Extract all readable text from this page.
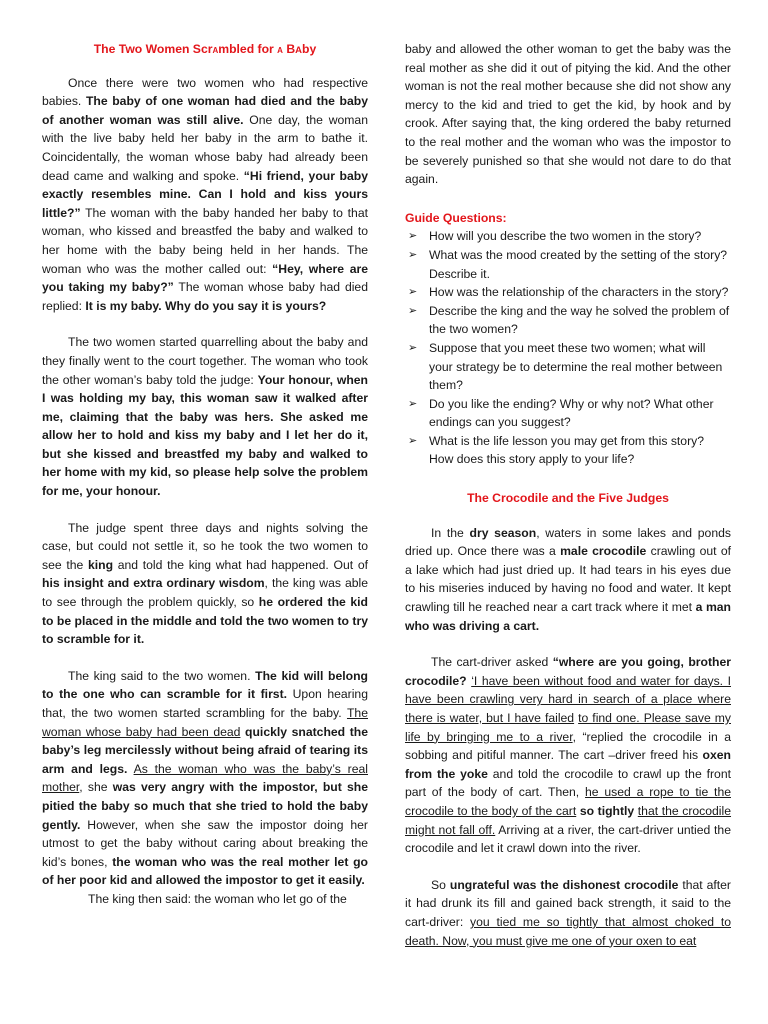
The Two Women ScrAmbled for A BAby

Once there were two women who had respective babies. The baby of one woman had died and the baby of another woman was still alive. One day, the woman with the live baby held her baby in the arm to bathe it. Coincidentally, the woman whose baby had already been dead came and walking and spoke. “Hi friend, your baby exactly resembles mine. Can I hold and kiss yours little?” The woman with the baby handed her baby to that woman, who kissed and breastfed the baby and walked to her home with the baby being held in her hands. The woman who was the mother called out: “Hey, where are you taking my baby?” The woman whose baby had died replied: It is my baby. Why do you say it is yours?

The two women started quarrelling about the baby and they finally went to the court together. The woman who took the other woman’s baby told the judge: Your honour, when I was holding my bay, this woman saw it walked after me, claiming that the baby was hers. She asked me allow her to hold and kiss my baby and I let her do it, but she kissed and breastfed my baby and walked to her home with my kid, so please help solve the problem for me, your honour.

The judge spent three days and nights solving the case, but could not settle it, so he took the two women to see the king and told the king what had happened. Out of his insight and extra ordinary wisdom, the king was able to see through the problem quickly, so he ordered the kid to be placed in the middle and told the two women to try to scramble for it.

The king said to the two women. The kid will belong to the one who can scramble for it first. Upon hearing that, the two women started scrambling for the baby. The woman whose baby had been dead quickly snatched the baby’s leg mercilessly without being afraid of tearing its arm and legs. As the woman who was the baby’s real mother, she was very angry with the impostor, but she pitied the baby so much that she tried to hold the baby gently. However, when she saw the impostor doing her utmost to get the baby without caring about breaking the kid’s bones, the woman who was the real mother let go of her poor kid and allowed the impostor to get it easily.

The king then said: the woman who let go of the

baby and allowed the other woman to get the baby was the real mother as she did it out of pitying the kid. And the other woman is not the real mother because she did not show any mercy to the kid and tried to get the kid, by hook and by crook. After saying that, the king ordered the baby returned to the real mother and the woman who was the impostor to be severely punished so that she would not dare to do that again.

Guide Questions:
➢ How will you describe the two women in the story?
➢ What was the mood created by the setting of the story? Describe it.
➢ How was the relationship of the characters in the story?
➢ Describe the king and the way he solved the problem of the two women?
➢ Suppose that you meet these two women; what will your strategy be to determine the real mother between them?
➢ Do you like the ending? Why or why not? What other endings can you suggest?
➢ What is the life lesson you may get from this story? How does this story apply to your life?
The Crocodile and the Five Judges

In the dry season, waters in some lakes and ponds dried up. Once there was a male crocodile crawling out of a lake which had just dried up. It had tears in his eyes due to his miseries induced by having no food and water. It kept crawling till he reached near a cart track where it met a man who was driving a cart.

The cart-driver asked “where are you going, brother crocodile? ‘I have been without food and water for days. I have been crawling very hard in search of a place where there is water, but I have failed to find one. Please save my life by bringing me to a river, “replied the crocodile in a sobbing and pitiful manner. The cart –driver freed his oxen from the yoke and told the crocodile to crawl up the front part of the body of cart. Then, he used a rope to tie the crocodile to the body of the cart so tightly that the crocodile might not fall off. Arriving at a river, the cart-driver untied the crocodile and let it crawl down into the river.

So ungrateful was the dishonest crocodile that after it had drunk its fill and gained back strength, it said to the cart-driver: you tied me so tightly that almost choked to death. Now, you must give me one of your oxen to eat
